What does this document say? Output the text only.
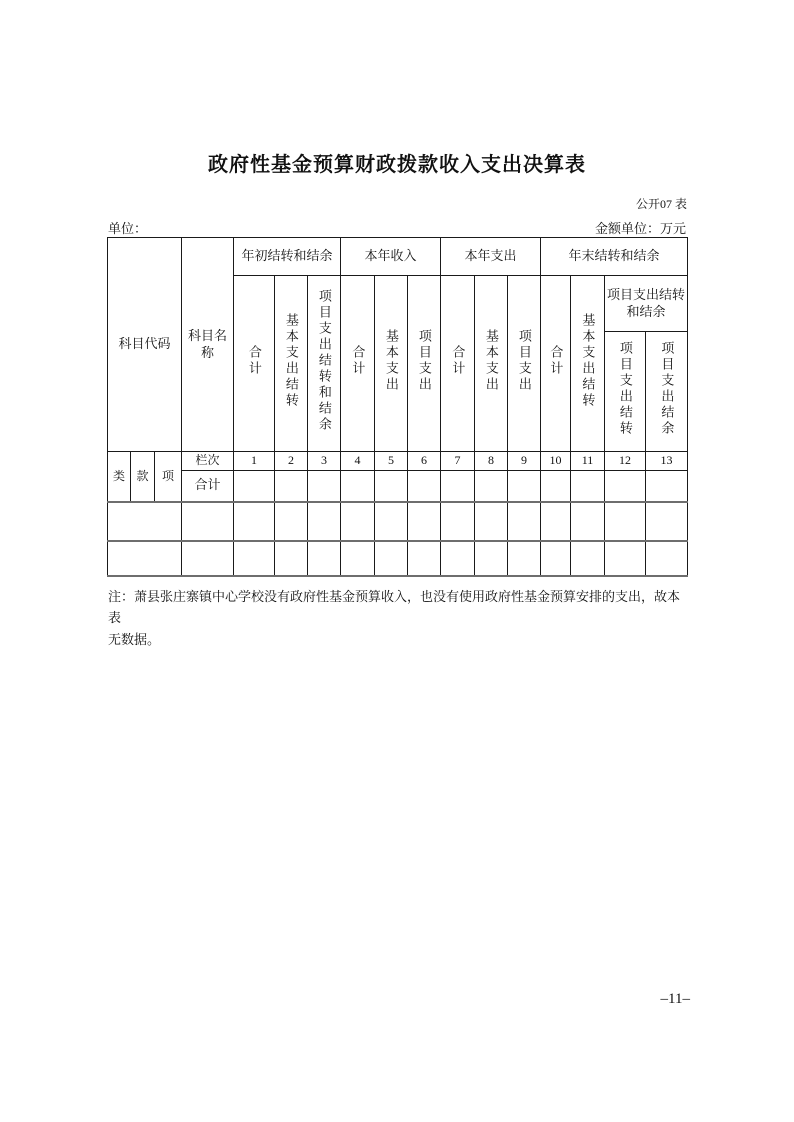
政府性基金预算财政拨款收入支出决算表
公开07 表
单位：	金额单位：万元
科目代码			科目名称	年初结转和结余			本年收入			本年支出			年末结转和结余			
				合计	基本支出结转	项目支出结转和结余	合计	基本支出	项目支出	合计	基本支出	项目支出	合计	基本支出结转	项目支出结转和结余	
															项目支出结转	项目支出结余
类	款	项	栏次	1	2	3	4	5	6	7	8	9	10	11	12	13
			合计													

注：萧县张庄寨镇中心学校没有政府性基金预算收入，也没有使用政府性基金预算安排的支出，故本表
无数据。
–11–
